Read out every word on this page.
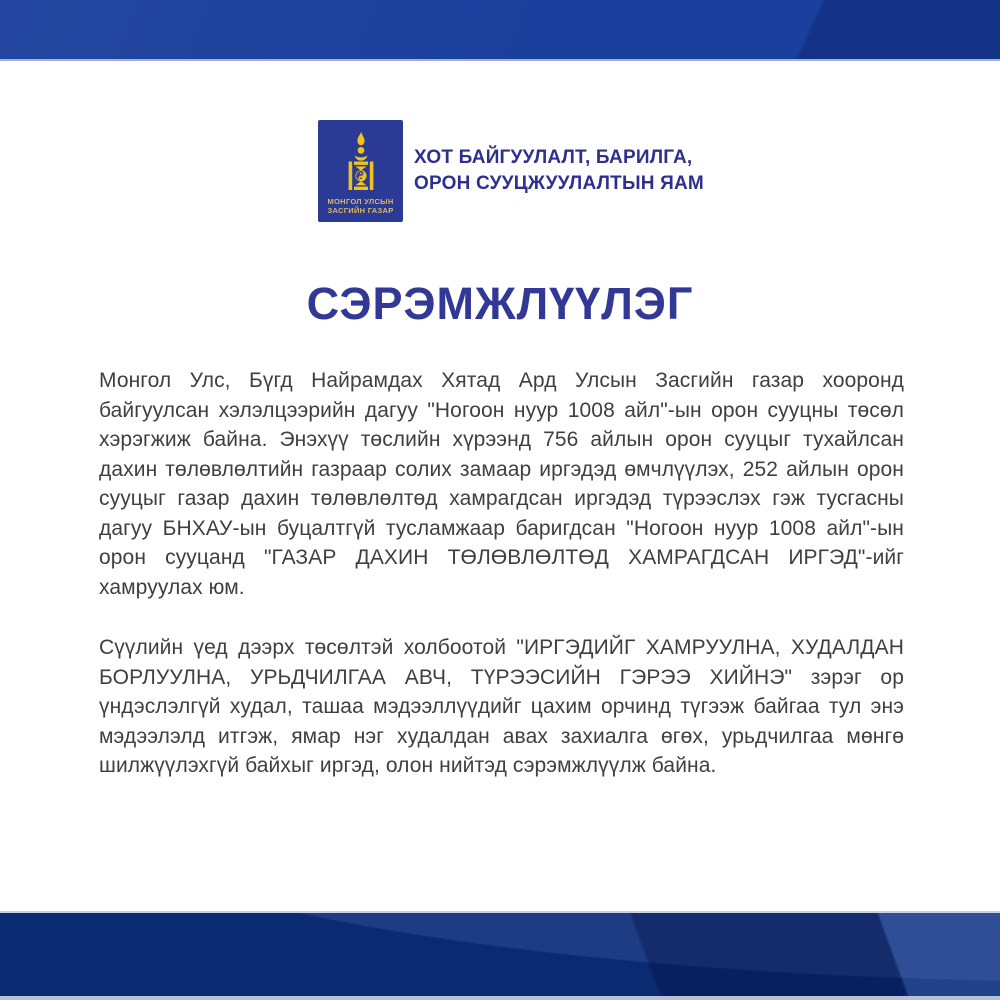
МОНГОЛ УЛСЫН
ЗАСГИЙН ГАЗАР
ХОТ БАЙГУУЛАЛТ, БАРИЛГА,
ОРОН СУУЦЖУУЛАЛТЫН ЯАМ
СЭРЭМЖЛҮҮЛЭГ

Монгол Улс, Бүгд Найрамдах Хятад Ард Улсын Засгийн газар хооронд байгуулсан хэлэлцээрийн дагуу "Ногоон нуур 1008 айл"-ын орон сууцны төсөл хэрэгжиж байна. Энэхүү төслийн хүрээнд 756 айлын орон сууцыг тухайлсан дахин төлөвлөлтийн газраар солих замаар иргэдэд өмчлүүлэх, 252 айлын орон сууцыг газар дахин төлөвлөлтөд хамрагдсан иргэдэд түрээслэх гэж тусгасны дагуу БНХАУ-ын буцалтгүй тусламжаар баригдсан "Ногоон нуур 1008 айл"-ын орон сууцанд "ГАЗАР ДАХИН ТӨЛӨВЛӨЛТӨД ХАМРАГДСАН ИРГЭД"-ийг хамруулах юм.

Сүүлийн үед дээрх төсөлтэй холбоотой "ИРГЭДИЙГ ХАМРУУЛНА, ХУДАЛДАН БОРЛУУЛНА, УРЬДЧИЛГАА АВЧ, ТҮРЭЭСИЙН ГЭРЭЭ ХИЙНЭ" зэрэг ор үндэслэлгүй худал, ташаа мэдээллүүдийг цахим орчинд түгээж байгаа тул энэ мэдээлэлд итгэж, ямар нэг худалдан авах захиалга өгөх, урьдчилгаа мөнгө шилжүүлэхгүй байхыг иргэд, олон нийтэд сэрэмжлүүлж байна.
